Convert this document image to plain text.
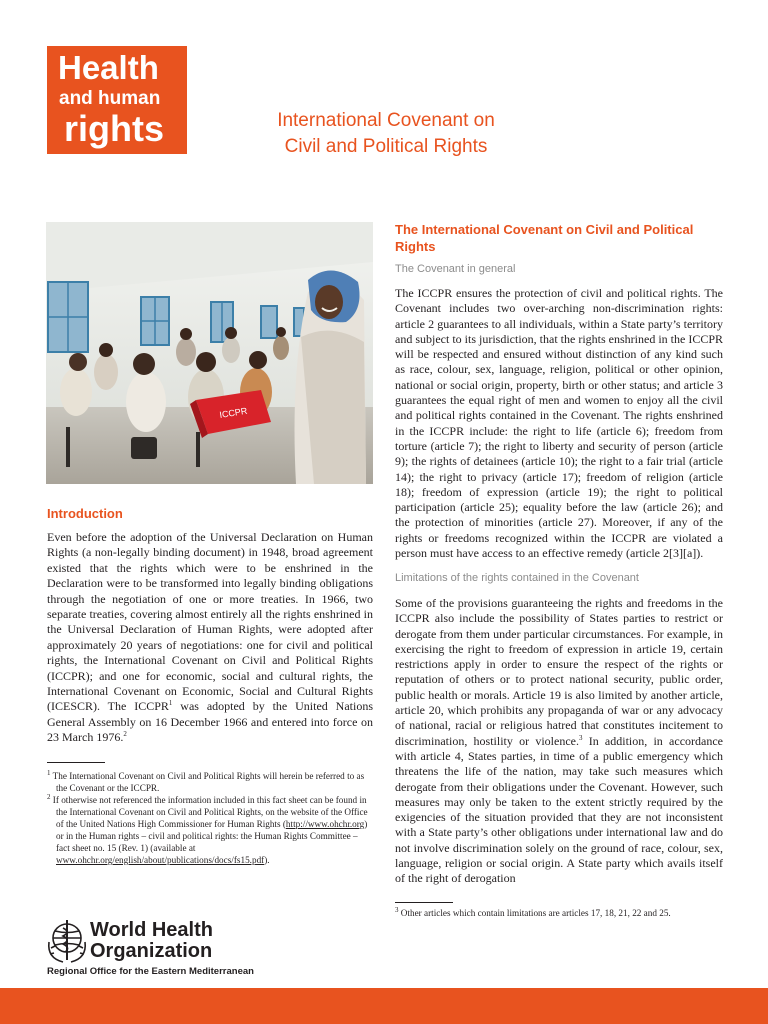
Health
and human
rights	International Covenant on
Civil and Political Rights
ICCPR
Introduction
Even before the adoption of the Universal Declaration on Human Rights (a non-legally binding document) in 1948, broad agreement existed that the rights which were to be enshrined in the Declaration were to be transformed into legally binding obligations through the negotiation of one or more treaties. In 1966, two separate treaties, covering almost entirely all the rights enshrined in the Universal Declaration of Human Rights, were adopted after approximately 20 years of negotiations: one for civil and political rights, the International Covenant on Civil and Political Rights (ICCPR); and one for economic, social and cultural rights, the International Covenant on Economic, Social and Cultural Rights (ICESCR). The ICCPR$^1$ was adopted by the United Nations General Assembly on 16 December 1966 and entered into force on 23 March 1976.$^2$

$^1$ The International Covenant on Civil and Political Rights will herein be referred to as the Covenant or the ICCPR.

$^2$ If otherwise not referenced the information included in this fact sheet can be found in the International Covenant on Civil and Political Rights, on the website of the Office of the United Nations High Commissioner for Human Rights (http://www.ohchr.org) or in the Human rights – civil and political rights: the Human Rights Committee – fact sheet no. 15 (Rev. 1) (available at www.ohchr.org/english/about/publications/docs/fs15.pdf).

The International Covenant on Civil and Political Rights
The Covenant in general
The ICCPR ensures the protection of civil and political rights. The Covenant includes two over-arching non-discrimination rights: article 2 guarantees to all individuals, within a State party’s territory and subject to its jurisdiction, that the rights enshrined in the ICCPR will be respected and ensured without distinction of any kind such as race, colour, sex, language, religion, political or other opinion, national or social origin, property, birth or other status; and article 3 guarantees the equal right of men and women to enjoy all the civil and political rights contained in the Covenant. The rights enshrined in the ICCPR include: the right to life (article 6); freedom from torture (article 7); the right to liberty and security of person (article 9); the rights of detainees (article 10); the right to a fair trial (article 14); the right to privacy (article 17); freedom of religion (article 18); freedom of expression (article 19); the right to political participation (article 25); equality before the law (article 26); and the protection of minorities (article 27). Moreover, if any of the rights or freedoms recognized within the ICCPR are violated a person must have access to an effective remedy (article 2[3][a]).
Limitations of the rights contained in the Covenant
Some of the provisions guaranteeing the rights and freedoms in the ICCPR also include the possibility of States parties to restrict or derogate from them under particular circumstances. For example, in exercising the right to freedom of expression in article 19, certain restrictions apply in order to ensure the respect of the rights or reputation of others or to protect national security, public order, public health or morals. Article 19 is also limited by another article, article 20, which prohibits any propaganda of war or any advocacy of national, racial or religious hatred that constitutes incitement to discrimination, hostility or violence.$^3$ In addition, in accordance with article 4, States parties, in time of a public emergency which threatens the life of the nation, may take such measures which derogate from their obligations under the Covenant. However, such measures may only be taken to the extent strictly required by the exigencies of the situation provided that they are not inconsistent with a State party’s other obligations under international law and do not involve discrimination solely on the ground of race, colour, sex, language, religion or social origin. A State party which avails itself of the right of derogation
$^3$ Other articles which contain limitations are articles 17, 18, 21, 22 and 25.
World Health
Organization
Regional Office for the Eastern Mediterranean
